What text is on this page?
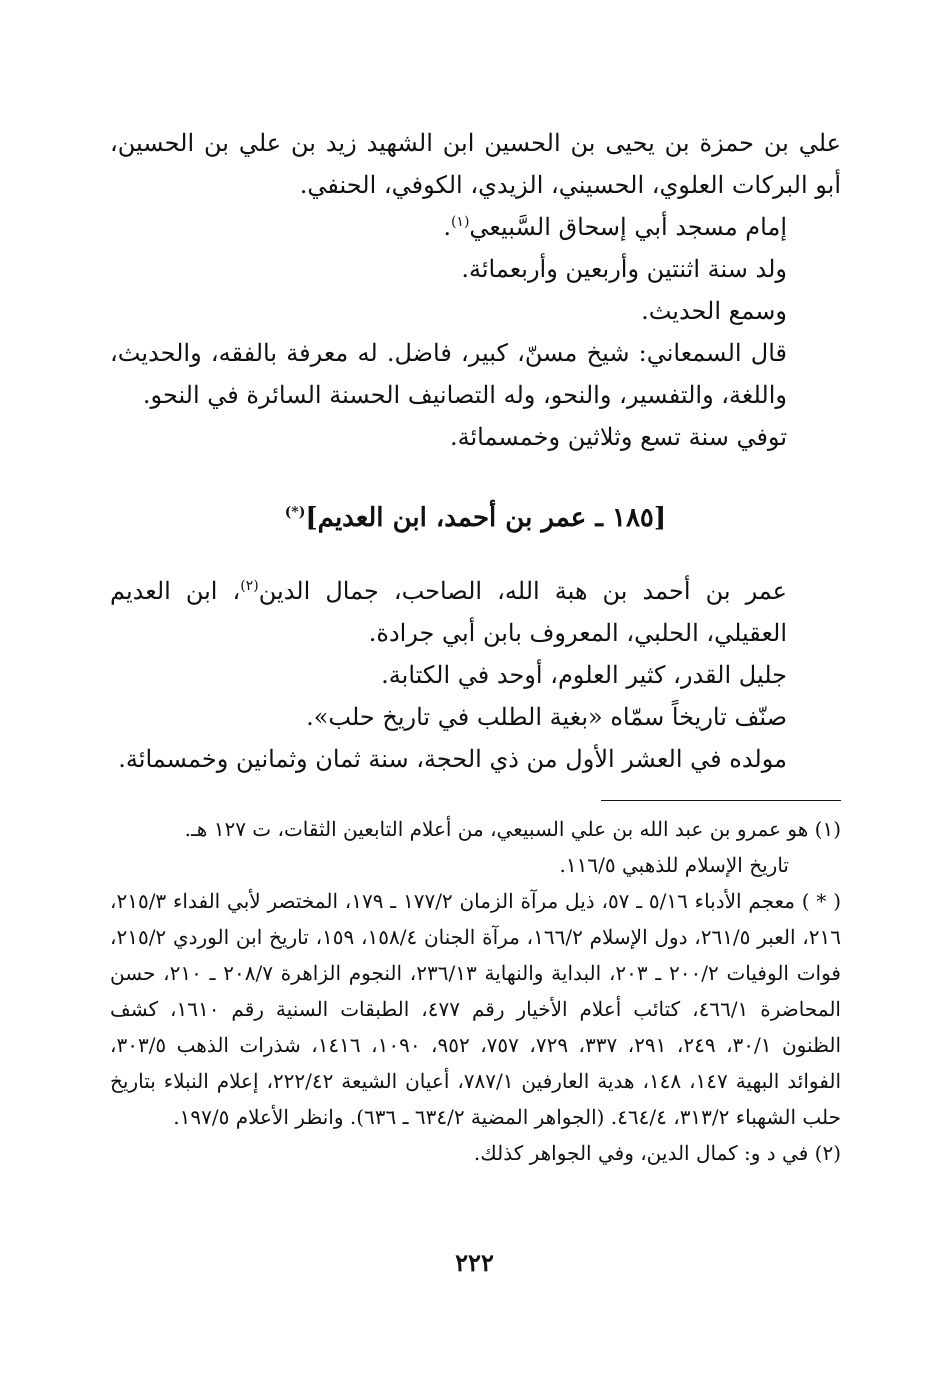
علي بن حمزة بن يحيى بن الحسين ابن الشهيد زيد بن علي بن الحسين، أبو البركات العلوي، الحسيني، الزيدي، الكوفي، الحنفي.

إمام مسجد أبي إسحاق السَّبيعي$^{(١)}$.

ولد سنة اثنتين وأربعين وأربعمائة.

وسمع الحديث.

قال السمعاني: شيخ مسنّ، كبير، فاضل. له معرفة بالفقه، والحديث، واللغة، والتفسير، والنحو، وله التصانيف الحسنة السائرة في النحو.

توفي سنة تسع وثلاثين وخمسمائة.

[١٨٥ ـ عمر بن أحمد، ابن العديم](*)

عمر بن أحمد بن هبة الله، الصاحب، جمال الدين$^{(٢)}$، ابن العديم العقيلي، الحلبي، المعروف بابن أبي جرادة.

جليل القدر، كثير العلوم، أوحد في الكتابة.

صنّف تاريخاً سمّاه «بغية الطلب في تاريخ حلب».

مولده في العشر الأول من ذي الحجة، سنة ثمان وثمانين وخمسمائة.

(١) هو عمرو بن عبد الله بن علي السبيعي، من أعلام التابعين الثقات، ت ١٢٧ هـ.

تاريخ الإسلام للذهبي ١١٦/٥.

( * ) معجم الأدباء ٥/١٦ ـ ٥٧، ذيل مرآة الزمان ١٧٧/٢ ـ ١٧٩، المختصر لأبي الفداء ٢١٥/٣، ٢١٦، العبر ٢٦١/٥، دول الإسلام ١٦٦/٢، مرآة الجنان ١٥٨/٤، ١٥٩، تاريخ ابن الوردي ٢١٥/٢، فوات الوفيات ٢٠٠/٢ ـ ٢٠٣، البداية والنهاية ٢٣٦/١٣، النجوم الزاهرة ٢٠٨/٧ ـ ٢١٠، حسن المحاضرة ٤٦٦/١، كتائب أعلام الأخيار رقم ٤٧٧، الطبقات السنية رقم ١٦١٠، كشف الظنون ٣٠/١، ٢٤٩، ٢٩١، ٣٣٧، ٧٢٩، ٧٥٧، ٩٥٢، ١٠٩٠، ١٤١٦، شذرات الذهب ٣٠٣/٥، الفوائد البهية ١٤٧، ١٤٨، هدية العارفين ٧٨٧/١، أعيان الشيعة ٢٢٢/٤٢، إعلام النبلاء بتاريخ حلب الشهباء ٣١٣/٢، ٤٦٤/٤. (الجواهر المضية ٦٣٤/٢ ـ ٦٣٦). وانظر الأعلام ١٩٧/٥.

(٢) في د و: كمال الدين، وفي الجواهر كذلك.

٢٢٢
